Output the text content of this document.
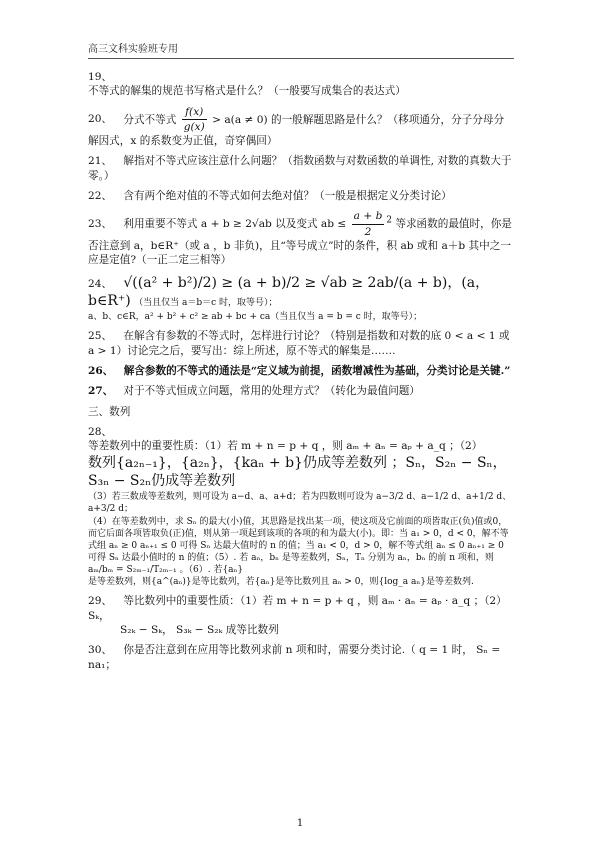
高三文科实验班专用
19、
不等式的解集的规范书写格式是什么？（一般要写成集合的表达式）
20、 分式不等式 $\frac{f(x)}{g(x)} > a(a \ne 0)$ 的一般解题思路是什么？（移项通分，分子分母分解因式，x 的系数变为正值，奇穿偶回）
21、 解指对不等式应该注意什么问题？（指数函数与对数函数的单调性, 对数的真数大于零。）
22、 含有两个绝对值的不等式如何去绝对值？（一般是根据定义分类讨论）
23、 利用重要不等式 a + b ≥ 2√ab 以及变式 ab ≤ $\frac{a + b}{2} ^2$ 等求函数的最值时，你是否注意到 a，b∈R⁺（或 a ，b 非负)，且“等号成立”时的条件，积 ab 或和 a＋b 其中之一应是定值?（一正二定三相等）
24、 √((a² + b²)/2) ≥ (a + b)/2 ≥ √ab ≥ 2ab/(a + b)，(a，b∈R⁺) （当且仅当 a＝b＝c 时，取等号）；
a、b、c∈R，a² + b² + c² ≥ ab + bc + ca（当且仅当 a = b = c 时，取等号）；
25、 在解含有参数的不等式时，怎样进行讨论？（特别是指数和对数的底 0 < a < 1 或 a > 1）讨论完之后，要写出：综上所述，原不等式的解集是…….
26、 解含参数的不等式的通法是“定义域为前提，函数增减性为基础，分类讨论是关键.”
27、 对于不等式恒成立问题，常用的处理方式？（转化为最值问题）
三、数列
28、 等差数列中的重要性质：（1）若 m + n = p + q ，则 aₘ + aₙ = aₚ + a_q ；（2）
数列{a₂ₙ₋₁}，{a₂ₙ}，{kaₙ + b}仍成等差数列 ；Sₙ，S₂ₙ − Sₙ，S₃ₙ − S₂ₙ仍成等差数列
（3）若三数成等差数列，则可设为 a−d、a、a+d；若为四数则可设为 a−3/2 d、a−1/2 d、a+1/2 d、a+3/2 d；
（4）在等差数列中，求 Sₙ 的最大(小)值，其思路是找出某一项，使这项及它前面的项皆取正(负)值或0，而它后面各项皆取负(正)值，则从第一项起到该项的各项的和为最大(小)。即：当 a₁ > 0，d < 0，解不等式组 aₙ ≥ 0 aₙ₊₁ ≤ 0 可得 Sₙ 达最大值时的 n 的值；当 a₁ < 0，d > 0，解不等式组 aₙ ≤ 0 aₙ₊₁ ≥ 0 可得 Sₙ 达最小值时的 n 的值；（5）. 若 aₙ，bₙ 是等差数列，Sₙ，Tₙ 分别为 aₙ，bₙ 的前 n 项和，则 aₘ/bₘ = S₂ₘ₋₁/T₂ₘ₋₁ 。（6）. 若{aₙ}
是等差数列，则{a^(aₙ)}是等比数列，若{aₙ}是等比数列且 aₙ > 0，则{log_a aₙ}是等差数列.
29、 等比数列中的重要性质：（1）若 m + n = p + q ，则 aₘ · aₙ = aₚ · a_q ；（2） Sₖ，
S₂ₖ − Sₖ， S₃ₖ − S₂ₖ 成等比数列
30、 你是否注意到在应用等比数列求前 n 项和时，需要分类讨论.（ q = 1 时， Sₙ = na₁；
1
